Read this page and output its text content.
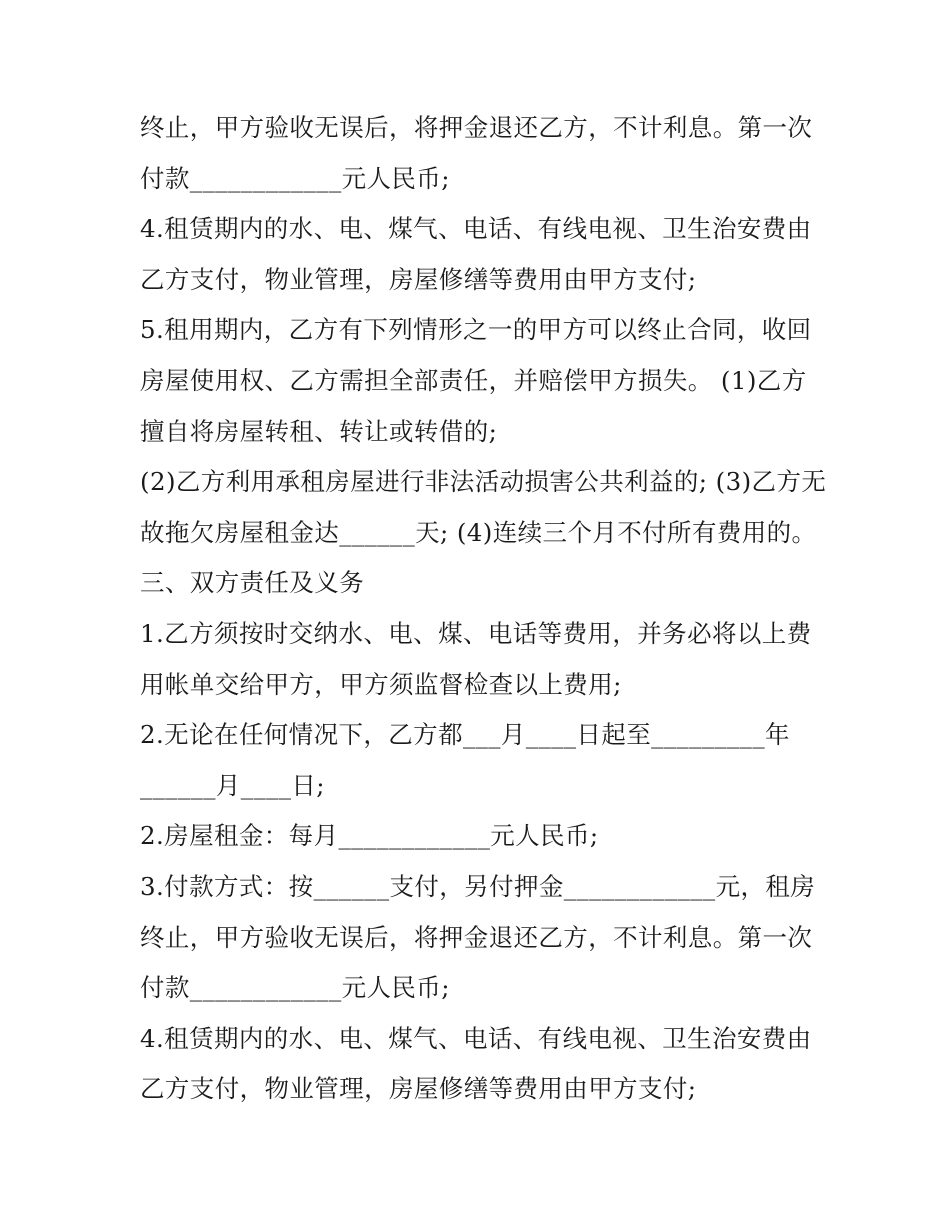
终止，甲方验收无误后，将押金退还乙方，不计利息。第一次
付款____________元人民币;
4.租赁期内的水、电、煤气、电话、有线电视、卫生治安费由
乙方支付，物业管理，房屋修缮等费用由甲方支付;
5.租用期内，乙方有下列情形之一的甲方可以终止合同，收回
房屋使用权、乙方需担全部责任，并赔偿甲方损失。 (1)乙方
擅自将房屋转租、转让或转借的;
(2)乙方利用承租房屋进行非法活动损害公共利益的; (3)乙方无
故拖欠房屋租金达______天; (4)连续三个月不付所有费用的。
三、双方责任及义务
1.乙方须按时交纳水、电、煤、电话等费用，并务必将以上费
用帐单交给甲方，甲方须监督检查以上费用;
2.无论在任何情况下，乙方都___月____日起至_________年
______月____日;
2.房屋租金：每月____________元人民币;
3.付款方式：按______支付，另付押金____________元，租房
终止，甲方验收无误后，将押金退还乙方，不计利息。第一次
付款____________元人民币;
4.租赁期内的水、电、煤气、电话、有线电视、卫生治安费由
乙方支付，物业管理，房屋修缮等费用由甲方支付;
